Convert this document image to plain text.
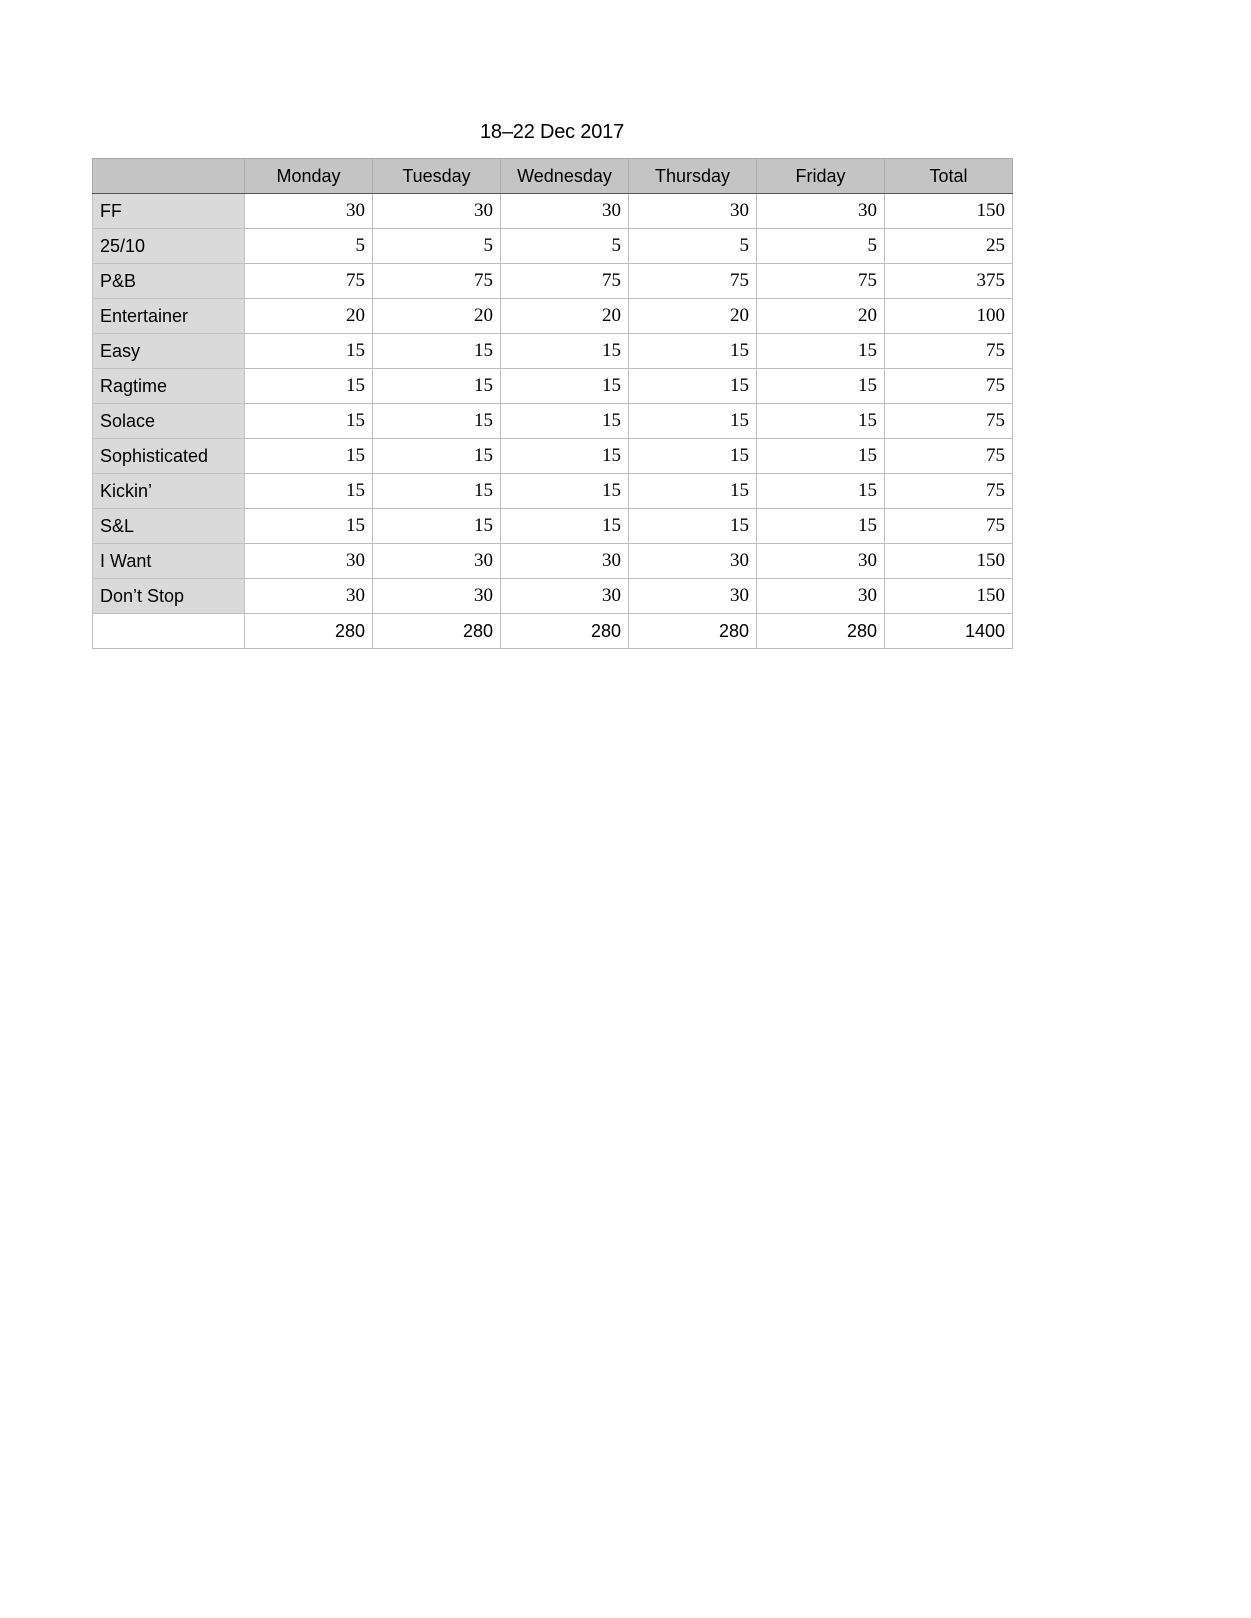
18–22 Dec 2017
	Monday	Tuesday	Wednesday	Thursday	Friday	Total
FF	30	30	30	30	30	150
25/10	5	5	5	5	5	25
P&B	75	75	75	75	75	375
Entertainer	20	20	20	20	20	100
Easy	15	15	15	15	15	75
Ragtime	15	15	15	15	15	75
Solace	15	15	15	15	15	75
Sophisticated	15	15	15	15	15	75
Kickin’	15	15	15	15	15	75
S&L	15	15	15	15	15	75
I Want	30	30	30	30	30	150
Don’t Stop	30	30	30	30	30	150
	280	280	280	280	280	1400
